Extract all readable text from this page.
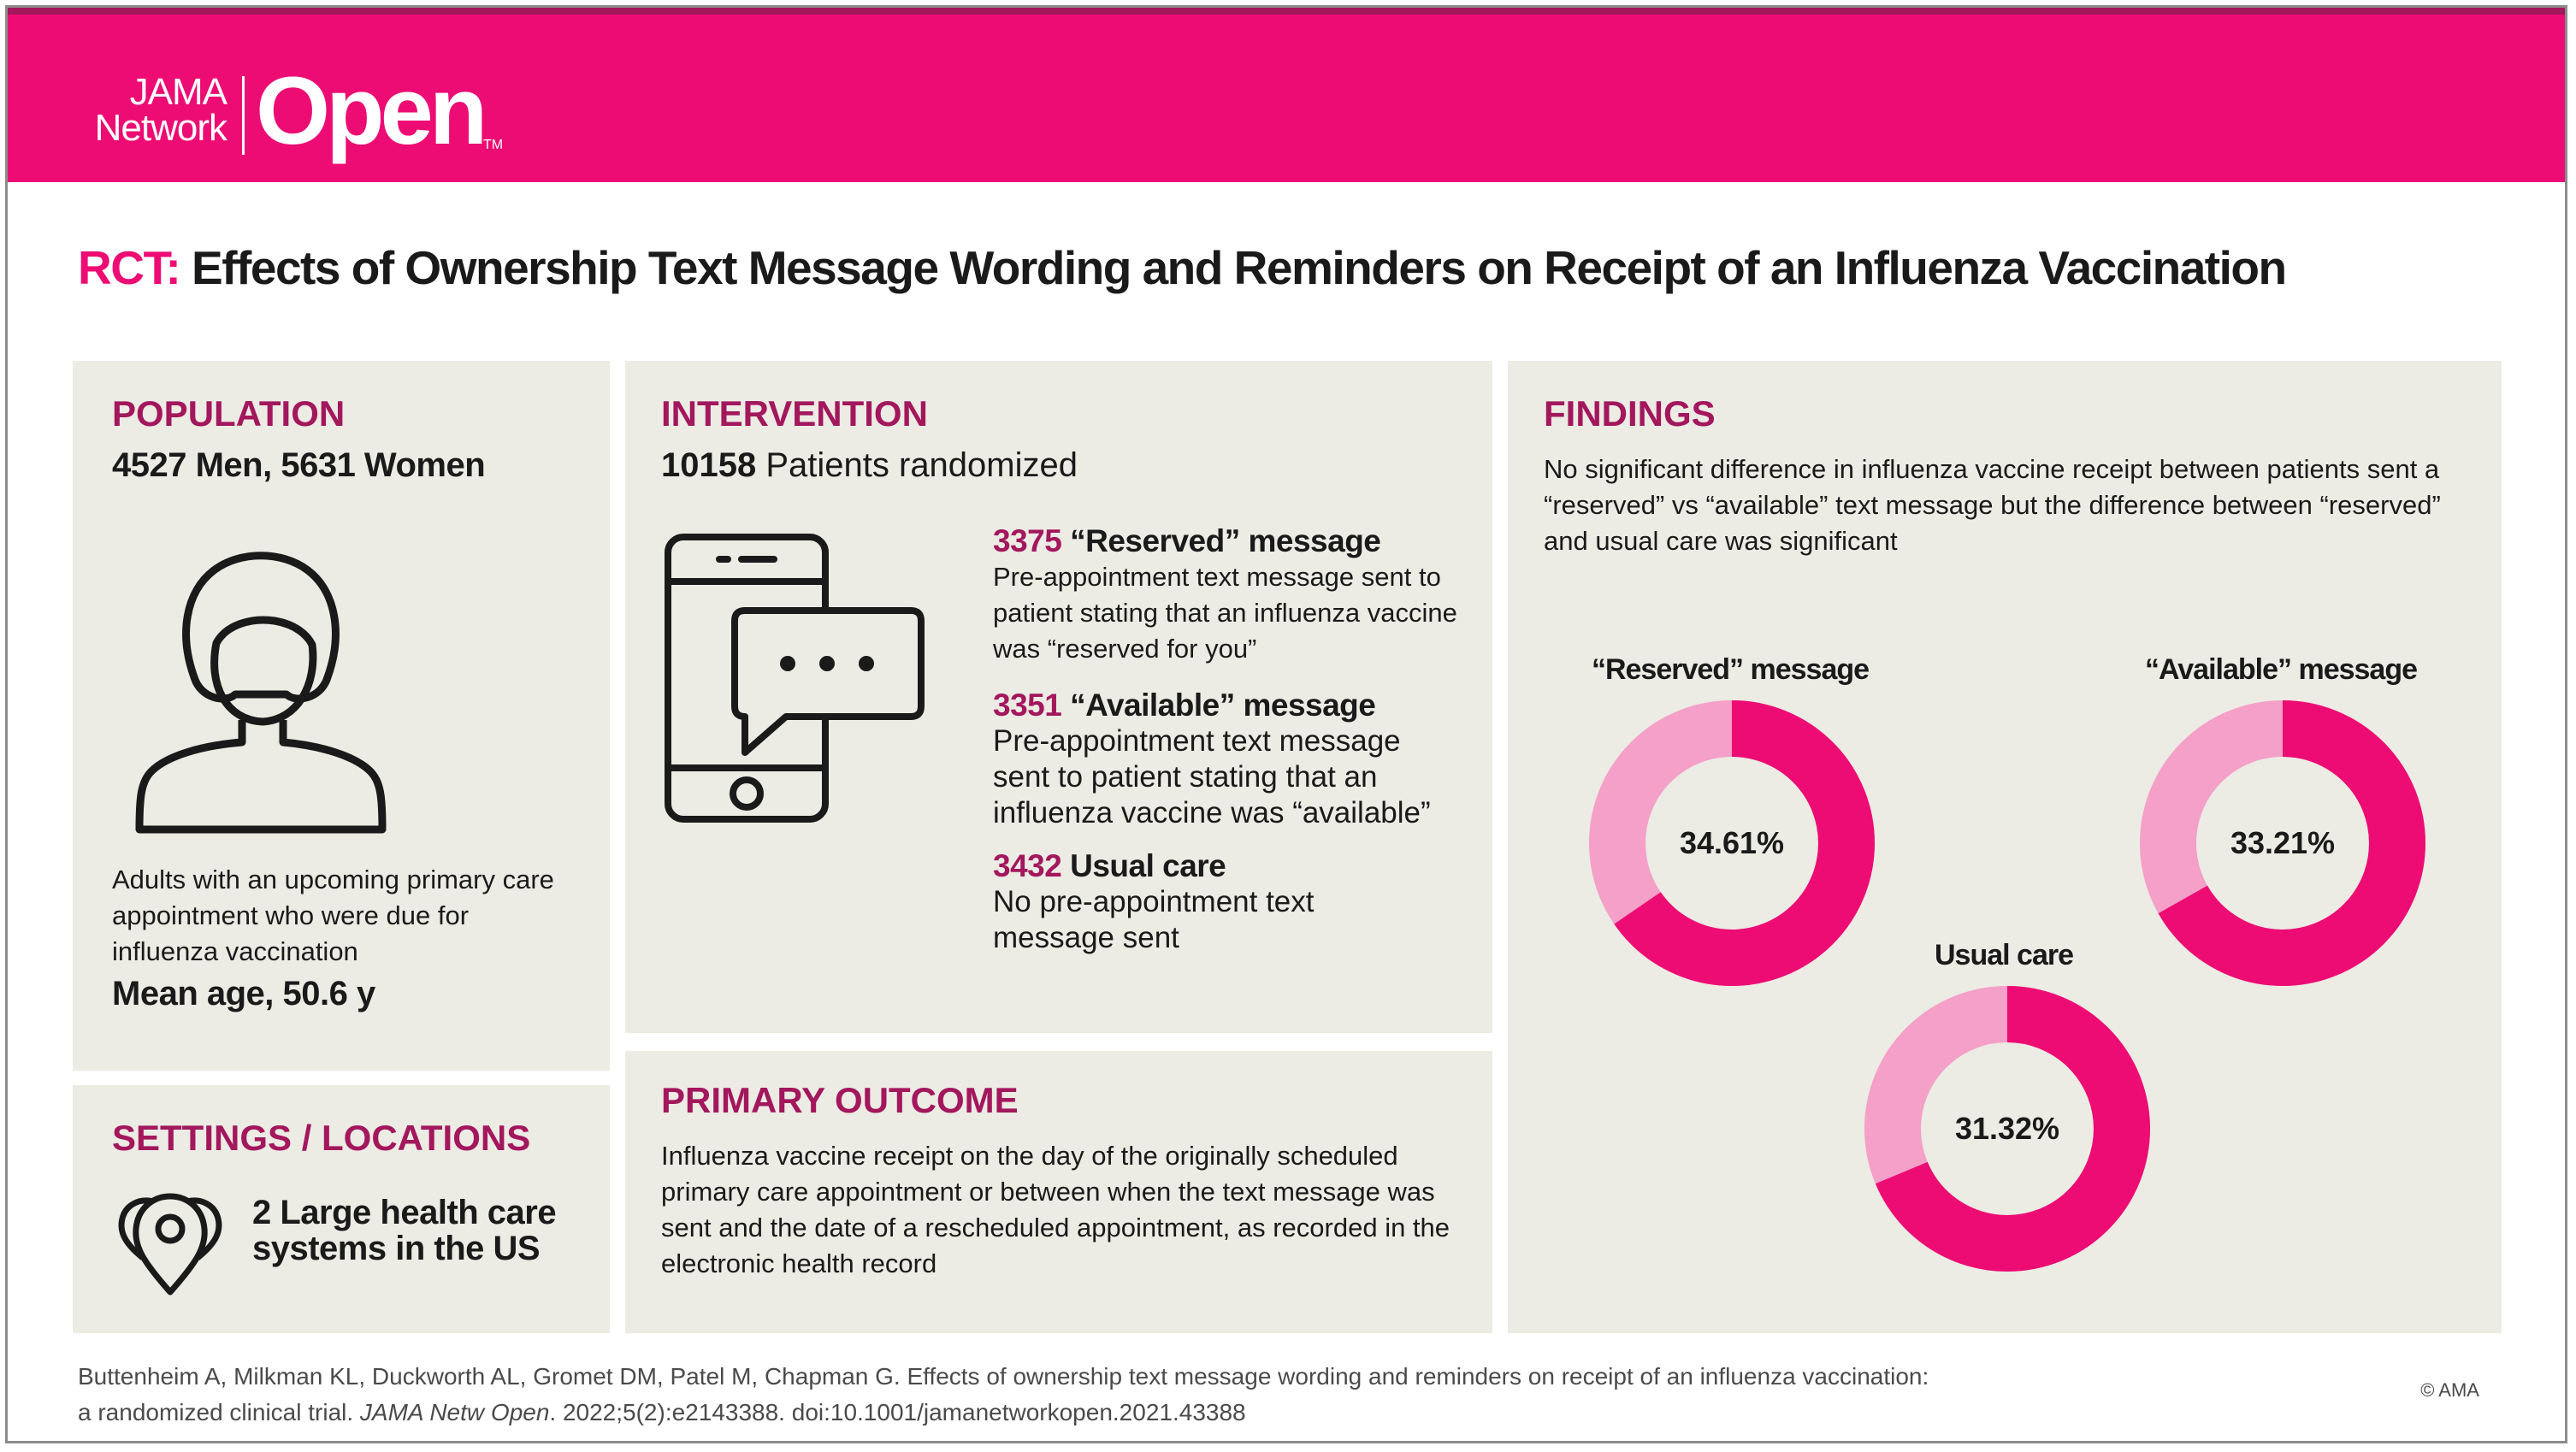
JAMA
Network Open TM
RCT: Effects of Ownership Text Message Wording and Reminders on Receipt of an Influenza Vaccination
POPULATION
4527 Men, 5631 Women
Adults with an upcoming primary care appointment who were due for influenza vaccination
Mean age, 50.6 y
SETTINGS / LOCATIONS
2 Large health care
systems in the US
INTERVENTION
10158 Patients randomized
3375 “Reserved” message
Pre-appointment text message sent to patient stating that an influenza vaccine was “reserved for you”
3351 “Available” message
Pre-appointment text message sent to patient stating that an influenza vaccine was “available”
3432 Usual care
No pre-appointment text message sent
PRIMARY OUTCOME
Influenza vaccine receipt on the day of the originally scheduled primary care appointment or between when the text message was sent and the date of a rescheduled appointment, as recorded in the electronic health record
FINDINGS
No significant difference in influenza vaccine receipt between patients sent a “reserved” vs “available” text message but the difference between “reserved” and usual care was significant
“Reserved” message
34.61%
“Available” message
33.21%
Usual care
31.32%
Buttenheim A, Milkman KL, Duckworth AL, Gromet DM, Patel M, Chapman G. Effects of ownership text message wording and reminders on receipt of an influenza vaccination:
a randomized clinical trial. JAMA Netw Open. 2022;5(2):e2143388. doi:10.1001/jamanetworkopen.2021.43388
© AMA
